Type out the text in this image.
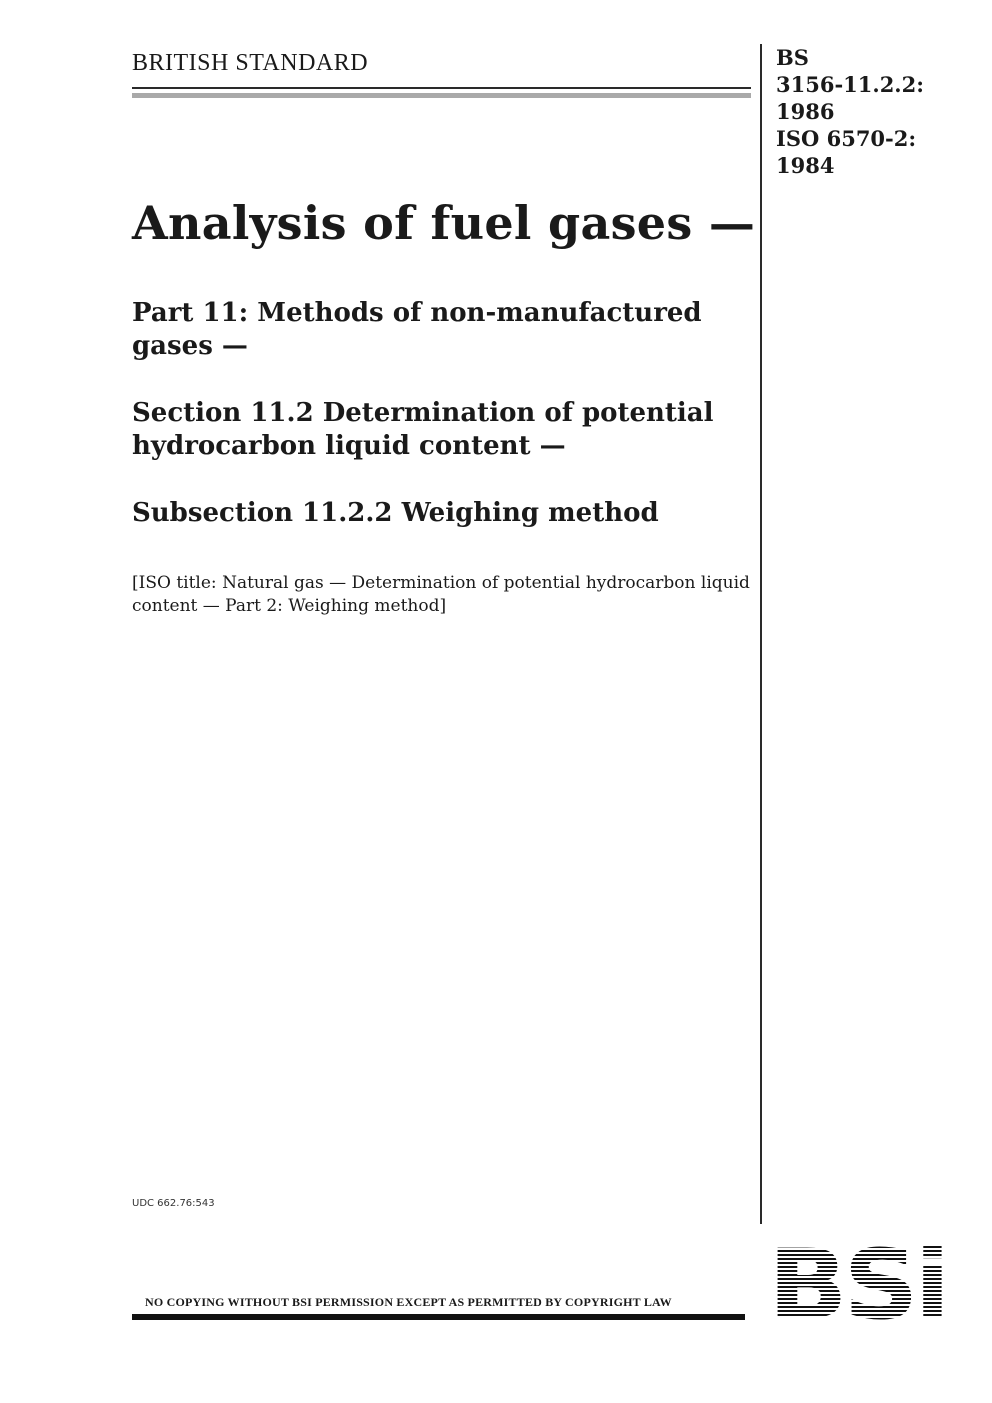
BRITISH STANDARD	BS
3156-11.2.2:
1986
ISO 6570-2:
1984
Analysis of fuel gases —
Part 11: Methods of non-manufactured gases —
Section 11.2 Determination of potential hydrocarbon liquid content —
Subsection 11.2.2 Weighing method
[ISO title: Natural gas — Determination of potential hydrocarbon liquid content — Part 2: Weighing method]
UDC 662.76:543
NO COPYING WITHOUT BSI PERMISSION EXCEPT AS PERMITTED BY COPYRIGHT LAW BSi
